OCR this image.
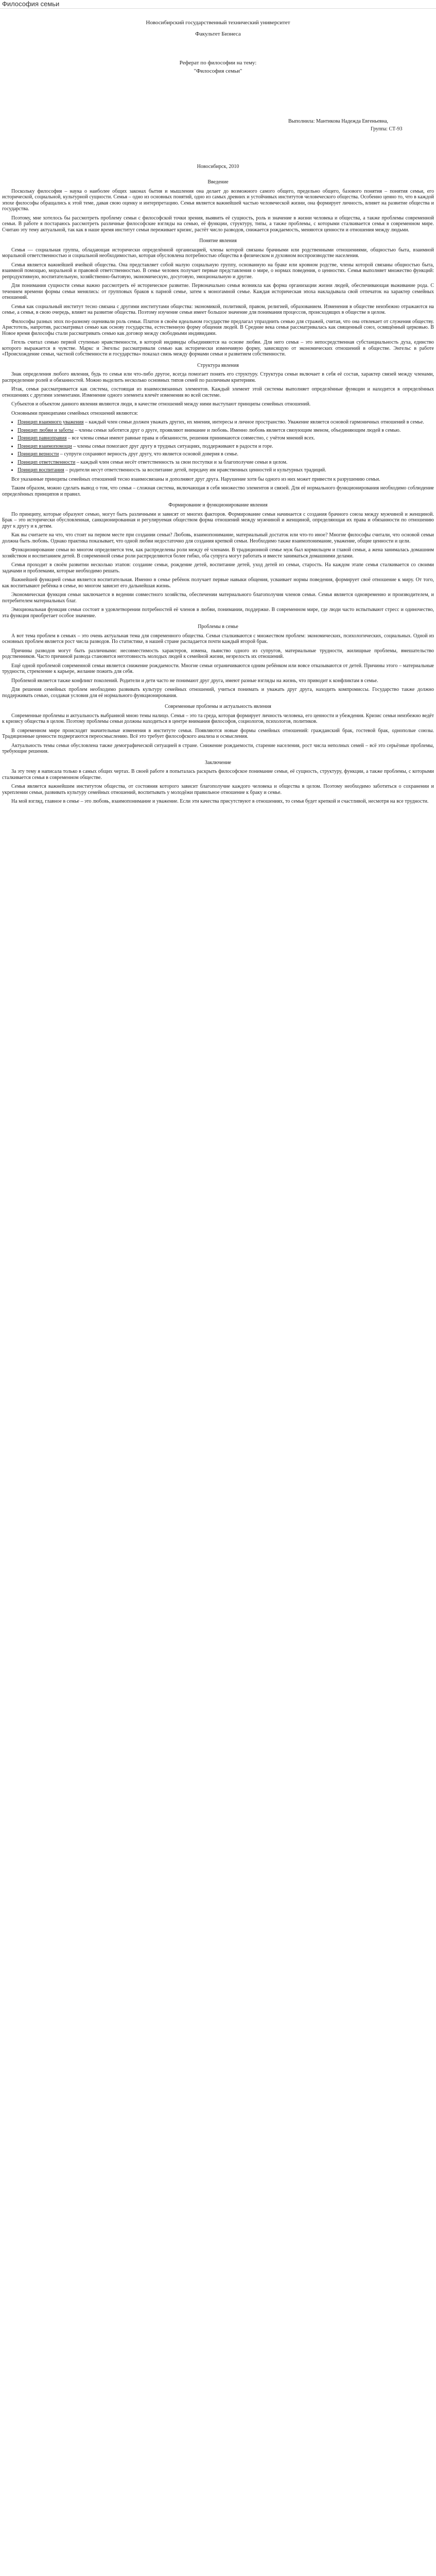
Философия семьи
Новосибирский государственный технический университет
Факультет Бизнеса
Реферат по философии на тему:
"Философия семьи"
Выполнила: Мантикова Надежда Евгеньевна,
Группа: СТ-93
Новосибирск, 2010
Введение

Поскольку философия – наука о наиболее общих законах бытия и мышления она делает до возможного самого общего, предельно общего, базового понятия – понятия семьи, его исторической, социальной, культурной сущности. Семья – одно из основных понятий, одно из самых древних и устойчивых институтов человеческого общества. Особенно ценно то, что в каждой эпохе философы обращались к этой теме, давая свою оценку и интерпретацию. Семья является важнейшей частью человеческой жизни, она формирует личность, влияет на развитие общества и государства.

Поэтому, мне хотелось бы рассмотреть проблему семьи с философской точки зрения, выявить её сущность, роль и значение в жизни человека и общества, а также проблемы современной семьи. В работе я постараюсь рассмотреть различные философские взгляды на семью, её функции, структуру, типы, а также проблемы, с которыми сталкивается семья в современном мире. Считаю эту тему актуальной, так как в наше время институт семьи переживает кризис, растёт число разводов, снижается рождаемость, меняются ценности и отношения между людьми.

Понятие явления

Семья — социальная группа, обладающая исторически определённой организацией, члены которой связаны брачными или родственными отношениями, общностью быта, взаимной моральной ответственностью и социальной необходимостью, которая обусловлена потребностью общества в физическом и духовном воспроизводстве населения.

Семья является важнейшей ячейкой общества. Она представляет собой малую социальную группу, основанную на браке или кровном родстве, члены которой связаны общностью быта, взаимной помощью, моральной и правовой ответственностью. В семье человек получает первые представления о мире, о нормах поведения, о ценностях. Семья выполняет множество функций: репродуктивную, воспитательную, хозяйственно-бытовую, экономическую, досуговую, эмоциональную и другие.

Для понимания сущности семьи важно рассмотреть её историческое развитие. Первоначально семья возникла как форма организации жизни людей, обеспечивающая выживание рода. С течением времени формы семьи менялись: от групповых браков к парной семье, затем к моногамной семье. Каждая историческая эпоха накладывала свой отпечаток на характер семейных отношений.

Семья как социальный институт тесно связана с другими институтами общества: экономикой, политикой, правом, религией, образованием. Изменения в обществе неизбежно отражаются на семье, а семья, в свою очередь, влияет на развитие общества. Поэтому изучение семьи имеет большое значение для понимания процессов, происходящих в обществе в целом.

Философы разных эпох по-разному оценивали роль семьи. Платон в своём идеальном государстве предлагал упразднить семью для стражей, считая, что она отвлекает от служения обществу. Аристотель, напротив, рассматривал семью как основу государства, естественную форму общения людей. В Средние века семья рассматривалась как священный союз, освящённый церковью. В Новое время философы стали рассматривать семью как договор между свободными индивидами.

Гегель считал семью первой ступенью нравственности, в которой индивиды объединяются на основе любви. Для него семья – это непосредственная субстанциальность духа, единство которого выражается в чувстве. Маркс и Энгельс рассматривали семью как исторически изменчивую форму, зависящую от экономических отношений в обществе. Энгельс в работе «Происхождение семьи, частной собственности и государства» показал связь между формами семьи и развитием собственности.

Структура явления

Знак определения любого явления, будь то семья или что-либо другое, всегда помогает понять его структуру. Структура семьи включает в себя её состав, характер связей между членами, распределение ролей и обязанностей. Можно выделить несколько основных типов семей по различным критериям.

Итак, семья рассматривается как система, состоящая из взаимосвязанных элементов. Каждый элемент этой системы выполняет определённые функции и находится в определённых отношениях с другими элементами. Изменение одного элемента влечёт изменения во всей системе.

Субъектов и объектом данного явления являются люди, в качестве отношений между ними выступают принципы семейных отношений.

Основными принципами семейных отношений являются:

• Принцип взаимного уважения – каждый член семьи должен уважать других, их мнения, интересы и личное пространство. Уважение является основой гармоничных отношений в семье.
• Принцип любви и заботы – члены семьи заботятся друг о друге, проявляют внимание и любовь. Именно любовь является связующим звеном, объединяющим людей в семью.
• Принцип равноправия – все члены семьи имеют равные права и обязанности, решения принимаются совместно, с учётом мнений всех.
• Принцип взаимопомощи – члены семьи помогают друг другу в трудных ситуациях, поддерживают в радости и горе.
• Принцип верности – супруги сохраняют верность друг другу, что является основой доверия в семье.
• Принцип ответственности – каждый член семьи несёт ответственность за свои поступки и за благополучие семьи в целом.
• Принцип воспитания – родители несут ответственность за воспитание детей, передачу им нравственных ценностей и культурных традиций.

Все указанные принципы семейных отношений тесно взаимосвязаны и дополняют друг друга. Нарушение хотя бы одного из них может привести к разрушению семьи.

Таким образом, можно сделать вывод о том, что семья – сложная система, включающая в себя множество элементов и связей. Для её нормального функционирования необходимо соблюдение определённых принципов и правил.

Формирование и функционирование явления

По принципу, которые образуют семью, могут быть различными и зависят от многих факторов. Формирование семьи начинается с создания брачного союза между мужчиной и женщиной. Брак – это исторически обусловленная, санкционированная и регулируемая обществом форма отношений между мужчиной и женщиной, определяющая их права и обязанности по отношению друг к другу и к детям.

Как вы считаете на что, что стоит на первом месте при создании семьи? Любовь, взаимопонимание, материальный достаток или что-то иное? Многие философы считали, что основой семьи должна быть любовь. Однако практика показывает, что одной любви недостаточно для создания крепкой семьи. Необходимо также взаимопонимание, уважение, общие ценности и цели.

Функционирование семьи во многом определяется тем, как распределены роли между её членами. В традиционной семье муж был кормильцем и главой семьи, а жена занималась домашним хозяйством и воспитанием детей. В современной семье роли распределяются более гибко, оба супруга могут работать и вместе заниматься домашними делами.

Семья проходит в своём развитии несколько этапов: создание семьи, рождение детей, воспитание детей, уход детей из семьи, старость. На каждом этапе семья сталкивается со своими задачами и проблемами, которые необходимо решать.

Важнейшей функцией семьи является воспитательная. Именно в семье ребёнок получает первые навыки общения, усваивает нормы поведения, формирует своё отношение к миру. От того, как воспитывают ребёнка в семье, во многом зависит его дальнейшая жизнь.

Экономическая функция семьи заключается в ведении совместного хозяйства, обеспечении материального благополучия членов семьи. Семья является одновременно и производителем, и потребителем материальных благ.

Эмоциональная функция семьи состоит в удовлетворении потребностей её членов в любви, понимании, поддержке. В современном мире, где люди часто испытывают стресс и одиночество, эта функция приобретает особое значение.

Проблемы в семье

А вот тема проблем в семьях – это очень актуальная тема для современного общества. Семьи сталкиваются с множеством проблем: экономических, психологических, социальных. Одной из основных проблем является рост числа разводов. По статистике, в нашей стране распадается почти каждый второй брак.

Причины разводов могут быть различными: несовместимость характеров, измена, пьянство одного из супругов, материальные трудности, жилищные проблемы, вмешательство родственников. Часто причиной развода становится неготовность молодых людей к семейной жизни, незрелость их отношений.

Ещё одной проблемой современной семьи является снижение рождаемости. Многие семьи ограничиваются одним ребёнком или вовсе отказываются от детей. Причины этого – материальные трудности, стремление к карьере, желание пожить для себя.

Проблемой является также конфликт поколений. Родители и дети часто не понимают друг друга, имеют разные взгляды на жизнь, что приводит к конфликтам в семье.

Для решения семейных проблем необходимо развивать культуру семейных отношений, учиться понимать и уважать друг друга, находить компромиссы. Государство также должно поддерживать семью, создавая условия для её нормального функционирования.

Современные проблемы и актуальность явления

Современные проблемы и актуальность выбранной мною темы налицо. Семья – это та среда, которая формирует личность человека, его ценности и убеждения. Кризис семьи неизбежно ведёт к кризису общества в целом. Поэтому проблемы семьи должны находиться в центре внимания философов, социологов, психологов, политиков.

В современном мире происходят значительные изменения в институте семьи. Появляются новые формы семейных отношений: гражданский брак, гостевой брак, однополые союзы. Традиционные ценности подвергаются переосмыслению. Всё это требует философского анализа и осмысления.

Актуальность темы семьи обусловлена также демографической ситуацией в стране. Снижение рождаемости, старение населения, рост числа неполных семей – всё это серьёзные проблемы, требующие решения.

Заключение

За эту тему я написала только в самых общих чертах. В своей работе я попыталась раскрыть философское понимание семьи, её сущность, структуру, функции, а также проблемы, с которыми сталкивается семья в современном обществе.

Семья является важнейшим институтом общества, от состояния которого зависит благополучие каждого человека и общества в целом. Поэтому необходимо заботиться о сохранении и укреплении семьи, развивать культуру семейных отношений, воспитывать у молодёжи правильное отношение к браку и семье.

На мой взгляд, главное в семье – это любовь, взаимопонимание и уважение. Если эти качества присутствуют в отношениях, то семья будет крепкой и счастливой, несмотря на все трудности.
